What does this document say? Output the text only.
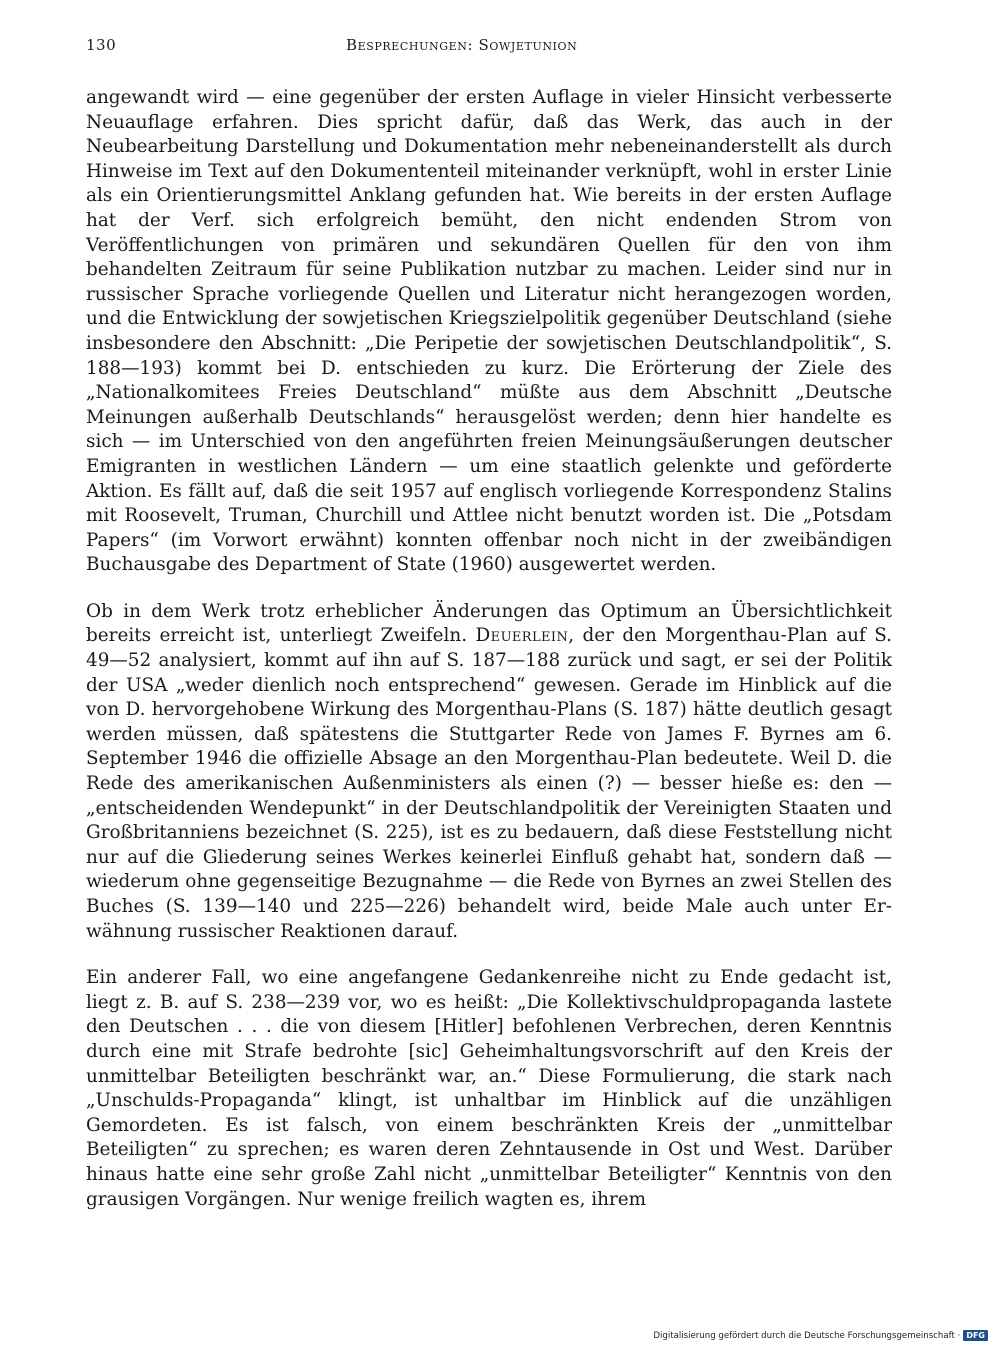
130	Besprechungen: Sowjetunion

angewandt wird — eine gegenüber der ersten Auflage in vieler Hinsicht verbesserte Neuauflage erfahren. Dies spricht dafür, daß das Werk, das auch in der Neubearbeitung Darstellung und Dokumentation mehr nebeneinanderstellt als durch Hinweise im Text auf den Dokumententeil miteinander verknüpft, wohl in erster Linie als ein Orientierungsmittel Anklang gefunden hat. Wie bereits in der ersten Auflage hat der Verf. sich erfolgreich bemüht, den nicht endenden Strom von Veröffentlichungen von primären und sekundären Quellen für den von ihm behandelten Zeitraum für seine Publikation nutzbar zu machen. Leider sind nur in russischer Sprache vorliegende Quellen und Literatur nicht herangezogen worden, und die Entwicklung der sowjetischen Kriegszielpolitik gegenüber Deutschland (siehe insbesondere den Abschnitt: „Die Peripetie der sowjetischen Deutschlandpolitik“, S. 188—193) kommt bei D. entschieden zu kurz. Die Erörterung der Ziele des „Nationalkomitees Freies Deutschland“ müßte aus dem Abschnitt „Deutsche Meinungen außerhalb Deutschlands“ herausgelöst werden; denn hier handelte es sich — im Unterschied von den angeführten freien Meinungsäußerungen deutscher Emigranten in westlichen Ländern — um eine staatlich gelenkte und geförderte Aktion. Es fällt auf, daß die seit 1957 auf englisch vorliegende Korrespondenz Stalins mit Roosevelt, Truman, Churchill und Attlee nicht benutzt worden ist. Die „Potsdam Papers“ (im Vorwort erwähnt) konnten offenbar noch nicht in der zweibändigen Buchausgabe des Department of State (1960) ausgewertet werden.

Ob in dem Werk trotz erheblicher Änderungen das Optimum an Übersichtlichkeit bereits erreicht ist, unterliegt Zweifeln. Deuerlein, der den Morgenthau-Plan auf S. 49—52 analysiert, kommt auf ihn auf S. 187—188 zurück und sagt, er sei der Politik der USA „weder dienlich noch entsprechend“ gewesen. Gerade im Hinblick auf die von D. hervorgehobene Wirkung des Morgenthau-Plans (S. 187) hätte deutlich gesagt werden müssen, daß spätestens die Stuttgarter Rede von James F. Byrnes am 6. September 1946 die offizielle Absage an den Morgenthau-Plan bedeutete. Weil D. die Rede des amerikanischen Außenministers als einen (?) — besser hieße es: den — „entscheidenden Wendepunkt“ in der Deutschlandpolitik der Vereinigten Staaten und Großbritanniens bezeichnet (S. 225), ist es zu bedauern, daß diese Feststellung nicht nur auf die Gliederung seines Werkes keinerlei Einfluß gehabt hat, sondern daß — wiederum ohne gegenseitige Bezugnahme — die Rede von Byrnes an zwei Stellen des Buches (S. 139—140 und 225—226) behandelt wird, beide Male auch unter Erwähnung russischer Reaktionen darauf.

Ein anderer Fall, wo eine angefangene Gedankenreihe nicht zu Ende gedacht ist, liegt z. B. auf S. 238—239 vor, wo es heißt: „Die Kollektivschuldpropaganda lastete den Deutschen . . . die von diesem [Hitler] befohlenen Verbrechen, deren Kenntnis durch eine mit Strafe bedrohte [sic] Geheimhaltungsvorschrift auf den Kreis der unmittelbar Beteiligten beschränkt war, an.“ Diese Formulierung, die stark nach „Unschulds-Propaganda“ klingt, ist unhaltbar im Hinblick auf die unzähligen Gemordeten. Es ist falsch, von einem beschränkten Kreis der „unmittelbar Beteiligten“ zu sprechen; es waren deren Zehntausende in Ost und West. Darüber hinaus hatte eine sehr große Zahl nicht „unmittelbar Beteiligter“ Kenntnis von den grausigen Vorgängen. Nur wenige freilich wagten es, ihrem

Digitalisierung gefördert durch die Deutsche Forschungsgemeinschaft · DFG
